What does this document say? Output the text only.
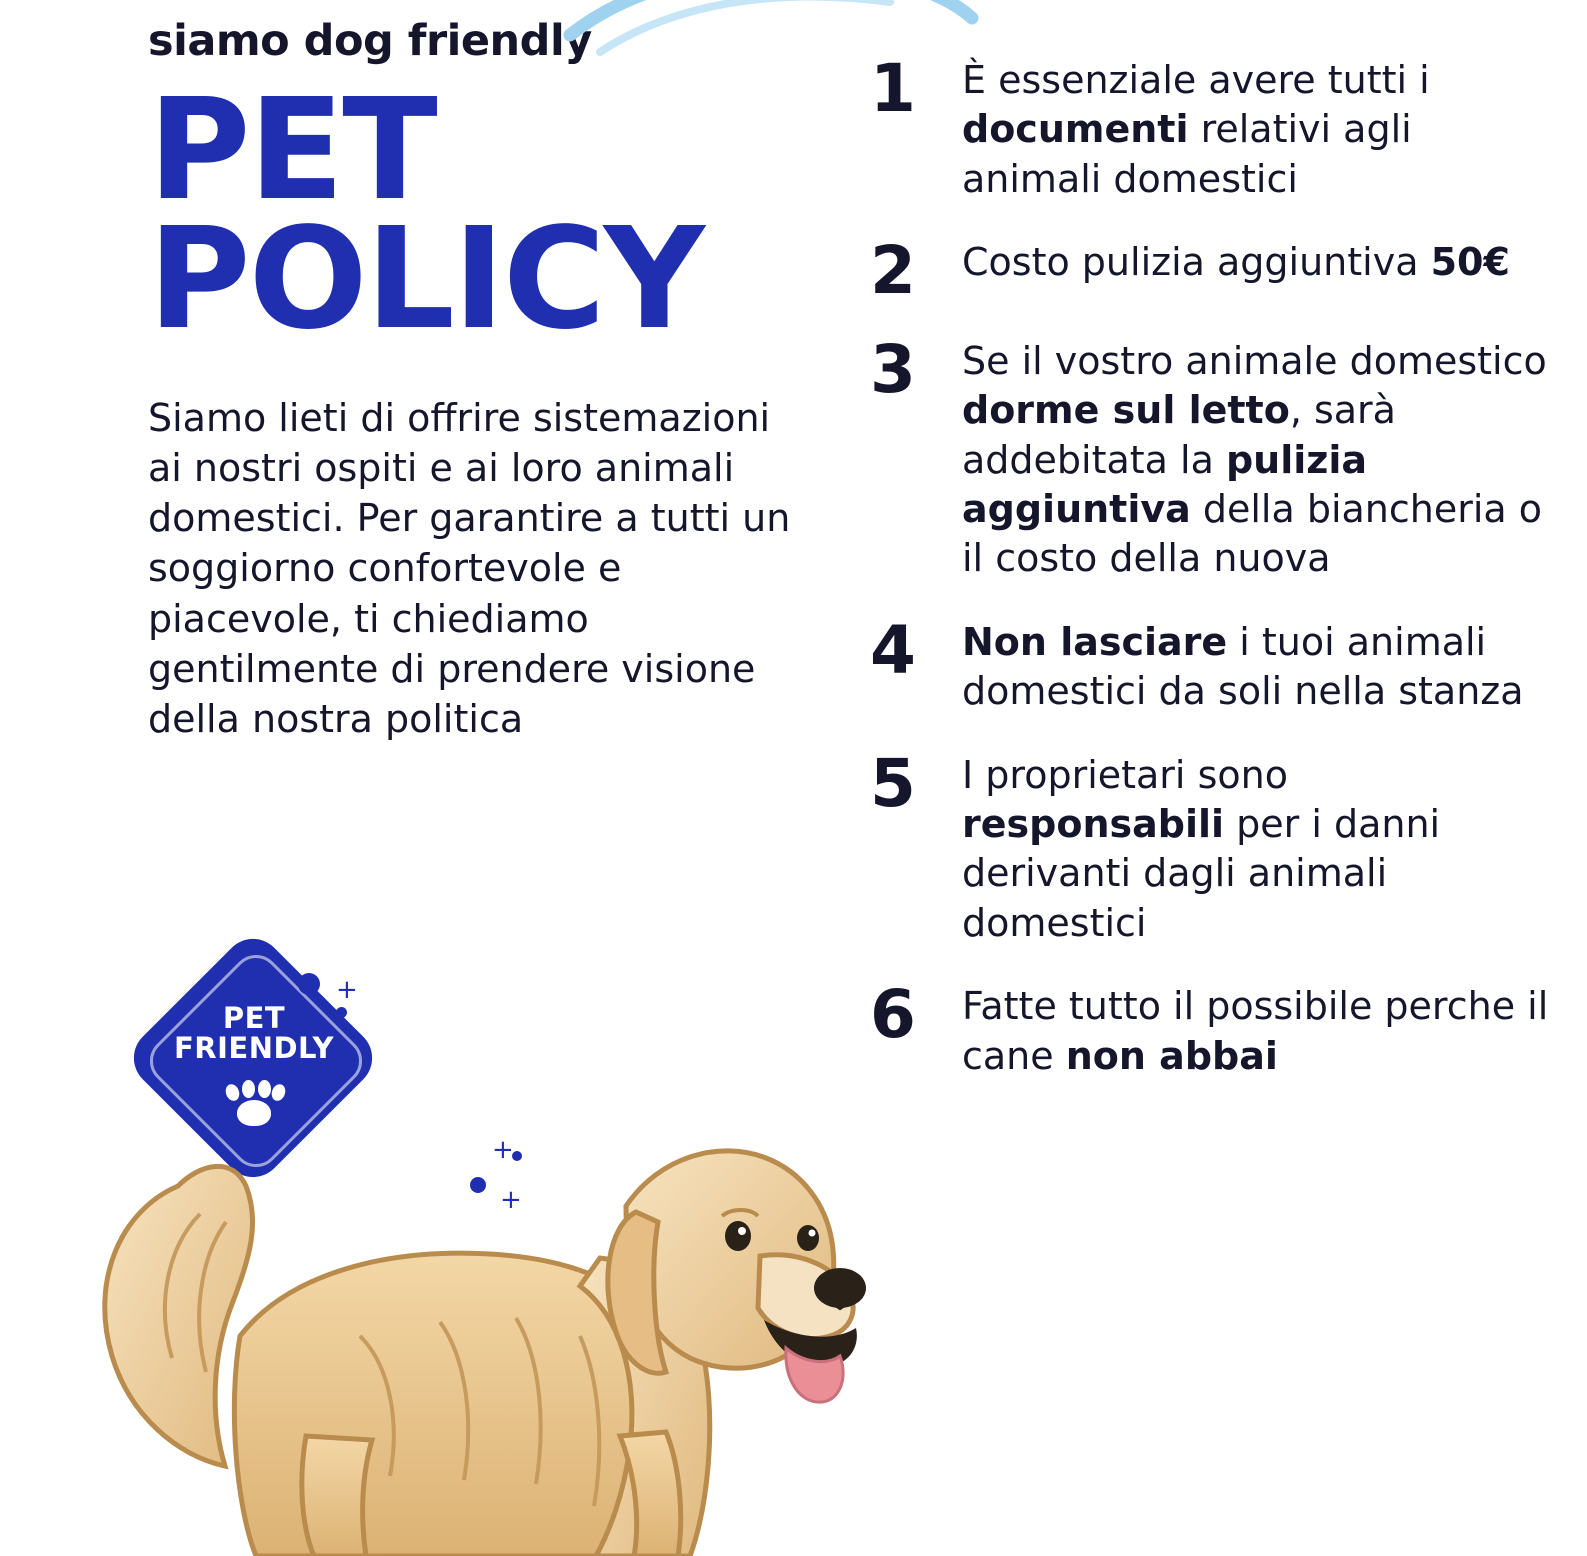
siamo dog friendly
PET
POLICY
Siamo lieti di offrire sistemazioni ai nostri ospiti e ai loro animali domestici. Per garantire a tutti un soggiorno confortevole e piacevole, ti chiediamo gentilmente di prendere visione della nostra politica
PET
FRIENDLY
+
+
+
1	È essenziale avere tutti i documenti relativi agli animali domestici
2	Costo pulizia aggiuntiva 50€
3	Se il vostro animale domestico dorme sul letto, sarà addebitata la pulizia aggiuntiva della biancheria o il costo della nuova
4	Non lasciare i tuoi animali domestici da soli nella stanza
5	I proprietari sono responsabili per i danni derivanti dagli animali domestici
6	Fatte tutto il possibile perche il cane non abbai
